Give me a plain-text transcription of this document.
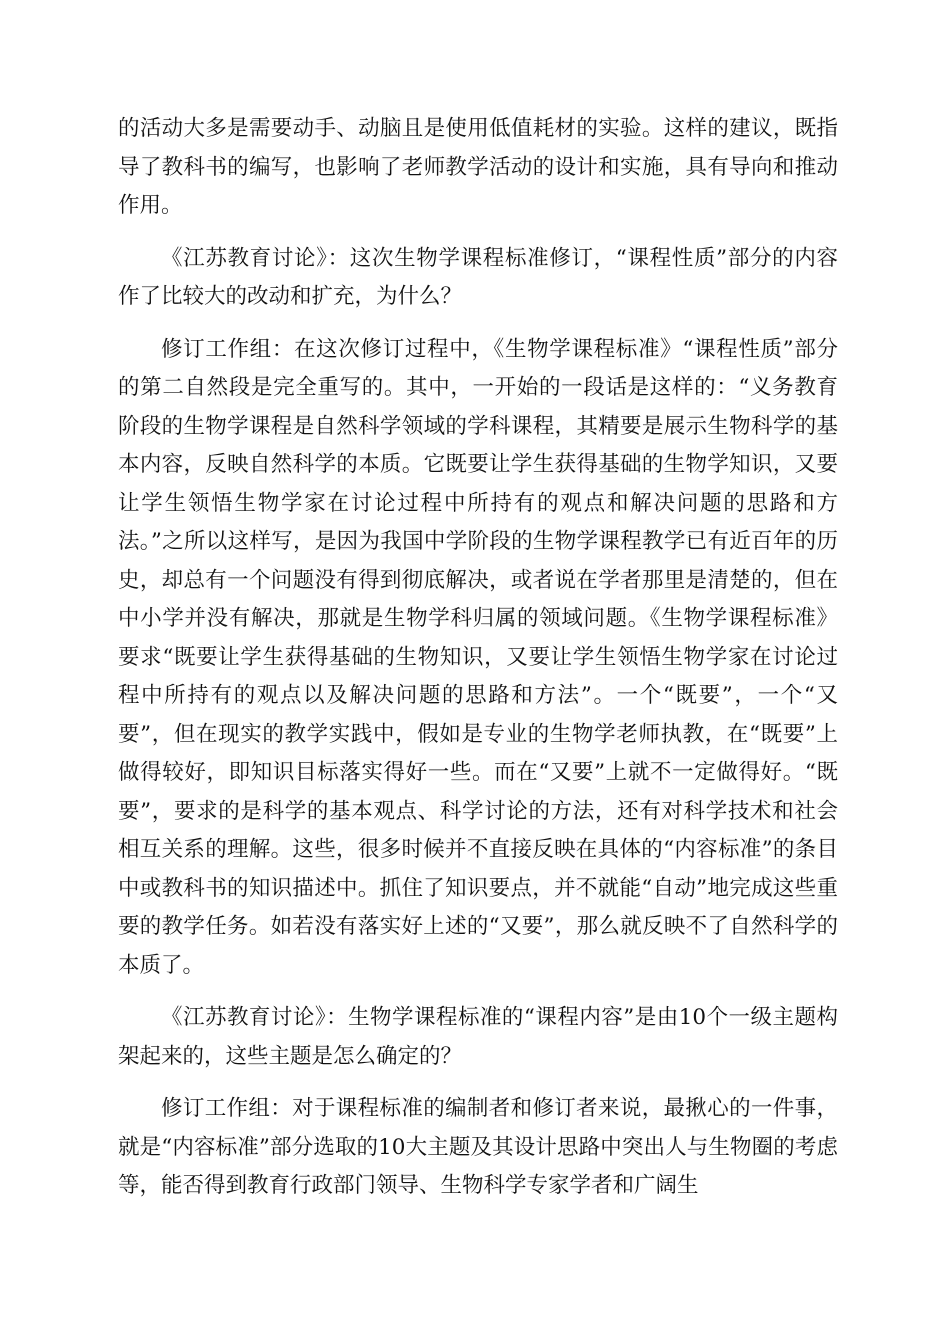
的活动大多是需要动手、动脑且是使用低值耗材的实验。这样的建议，既指导了教科书的编写，也影响了老师教学活动的设计和实施，具有导向和推动作用。

《江苏教育讨论》：这次生物学课程标准修订，“课程性质”部分的内容作了比较大的改动和扩充，为什么？

修订工作组：在这次修订过程中，《生物学课程标准》“课程性质”部分的第二自然段是完全重写的。其中，一开始的一段话是这样的：“义务教育阶段的生物学课程是自然科学领域的学科课程，其精要是展示生物科学的基本内容，反映自然科学的本质。它既要让学生获得基础的生物学知识，又要让学生领悟生物学家在讨论过程中所持有的观点和解决问题的思路和方法。”之所以这样写，是因为我国中学阶段的生物学课程教学已有近百年的历史，却总有一个问题没有得到彻底解决，或者说在学者那里是清楚的，但在中小学并没有解决，那就是生物学科归属的领域问题。《生物学课程标准》要求“既要让学生获得基础的生物知识，又要让学生领悟生物学家在讨论过程中所持有的观点以及解决问题的思路和方法”。一个“既要”，一个“又要”，但在现实的教学实践中，假如是专业的生物学老师执教，在“既要”上做得较好，即知识目标落实得好一些。而在“又要”上就不一定做得好。“既要”，要求的是科学的基本观点、科学讨论的方法，还有对科学技术和社会相互关系的理解。这些，很多时候并不直接反映在具体的“内容标准”的条目中或教科书的知识描述中。抓住了知识要点，并不就能“自动”地完成这些重要的教学任务。如若没有落实好上述的“又要”，那么就反映不了自然科学的本质了。

《江苏教育讨论》：生物学课程标准的“课程内容”是由10个一级主题构架起来的，这些主题是怎么确定的？

修订工作组：对于课程标准的编制者和修订者来说，最揪心的一件事，就是“内容标准”部分选取的10大主题及其设计思路中突出人与生物圈的考虑等，能否得到教育行政部门领导、生物科学专家学者和广阔生
